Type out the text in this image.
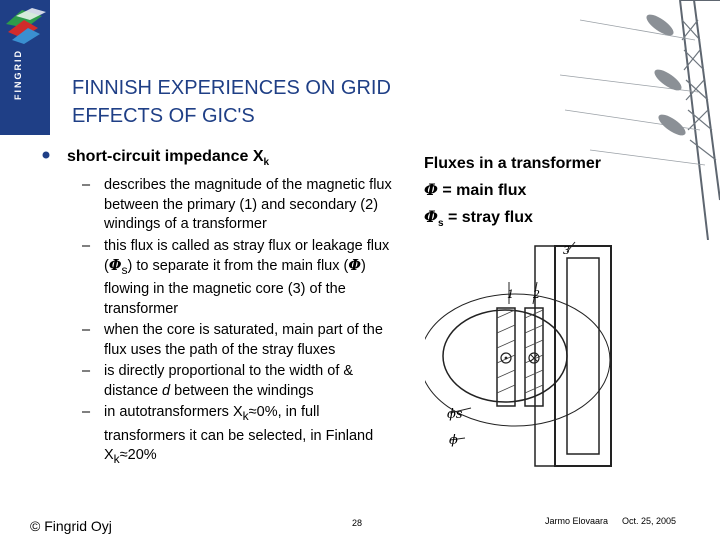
FINGRID	FINNISH EXPERIENCES ON GRID
EFFECTS OF GIC'S
short-circuit impedance $X_k$
– describes the magnitude of the magnetic flux between the primary (1) and secondary (2) windings of a transformer
– this flux is called as stray flux or leakage flux $(\Phi_s)$ to separate it from the main flux (Φ) flowing in the magnetic core (3) of the transformer
– when the core is saturated, main part of the flux uses the path of the stray fluxes
– is directly proportional to the width of & distance d between the windings
– in autotransformers $X_k\approx 0\%$, in full transformers it can be selected, in Finland $X_k\approx 20\%$
Fluxes in a transformer
Φ = main flux
$\Phi_s$ = stray flux
1 2
3
ϕs
ϕ
© Fingrid Oyj	28	Jarmo Elovaara Oct. 25, 2005
